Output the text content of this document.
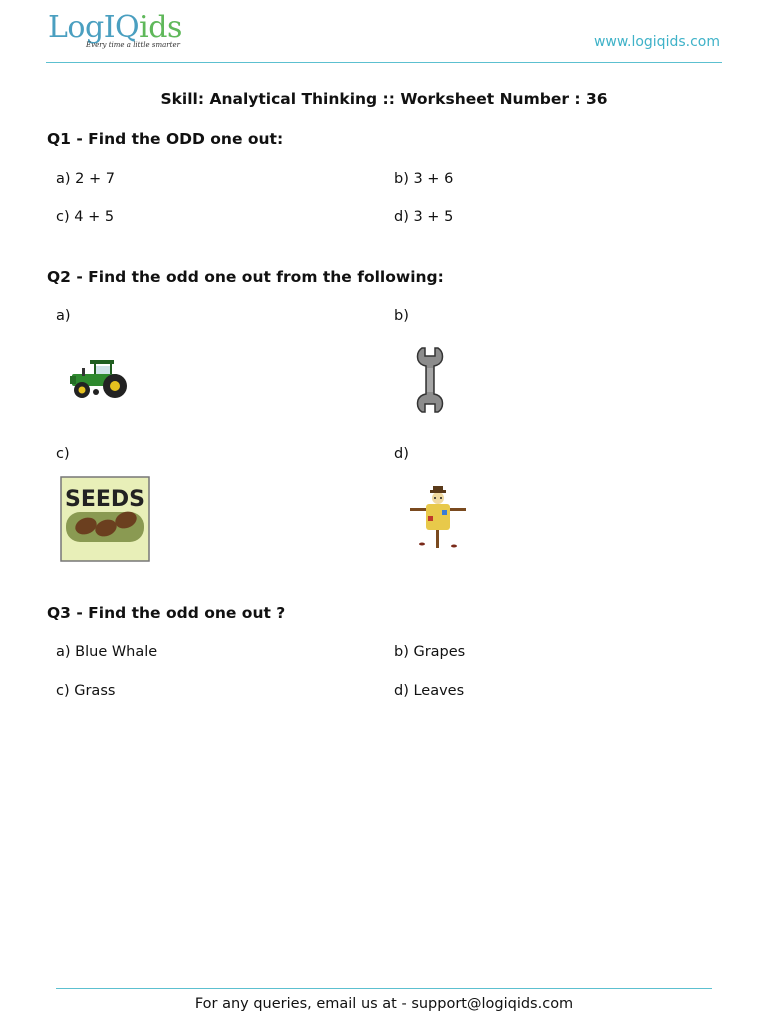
LogIQids
Every time a little smarter	www.logiqids.com
Skill: Analytical Thinking :: Worksheet Number : 36
Q1 - Find the ODD one out:
a) 2 + 7	b) 3 + 6
c) 4 + 5	d) 3 + 5
Q2 - Find the odd one out from the following:
a)	b)
c)	d)
SEEDS
Q3 - Find the odd one out ?
a) Blue Whale	b) Grapes
c) Grass	d) Leaves
For any queries, email us at - support@logiqids.com
